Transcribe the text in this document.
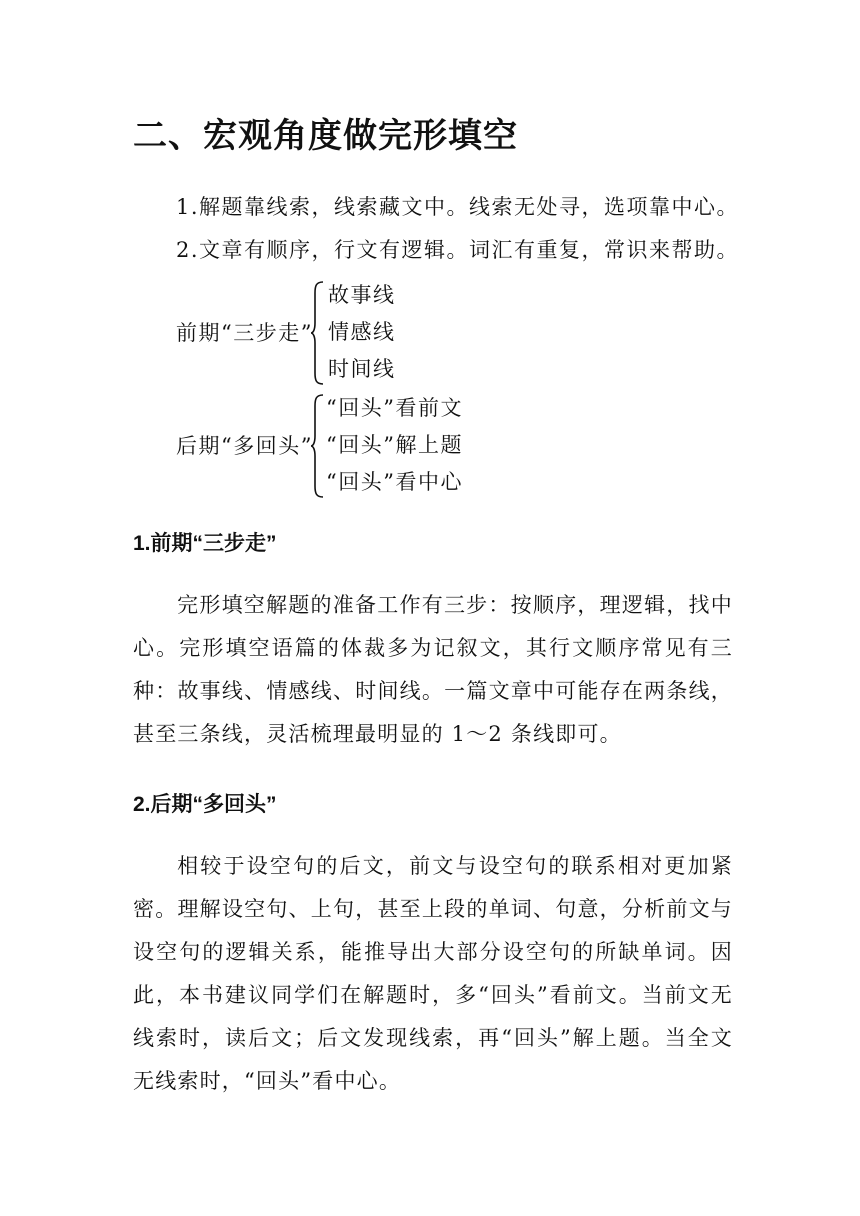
二、宏观角度做完形填空
1.解题靠线索，线索藏文中。线索无处寻，选项靠中心。
2.文章有顺序，行文有逻辑。词汇有重复，常识来帮助。
前期“三步走”
故事线
情感线
时间线
后期“多回头”
“回头”看前文
“回头”解上题
“回头”看中心
1.前期“三步走”

完形填空解题的准备工作有三步：按顺序，理逻辑，找中心。完形填空语篇的体裁多为记叙文，其行文顺序常见有三种：故事线、情感线、时间线。一篇文章中可能存在两条线，甚至三条线，灵活梳理最明显的 1～2 条线即可。

2.后期“多回头”

相较于设空句的后文，前文与设空句的联系相对更加紧密。理解设空句、上句，甚至上段的单词、句意，分析前文与设空句的逻辑关系，能推导出大部分设空句的所缺单词。因此，本书建议同学们在解题时，多“回头”看前文。当前文无线索时，读后文；后文发现线索，再“回头”解上题。当全文无线索时，“回头”看中心。
